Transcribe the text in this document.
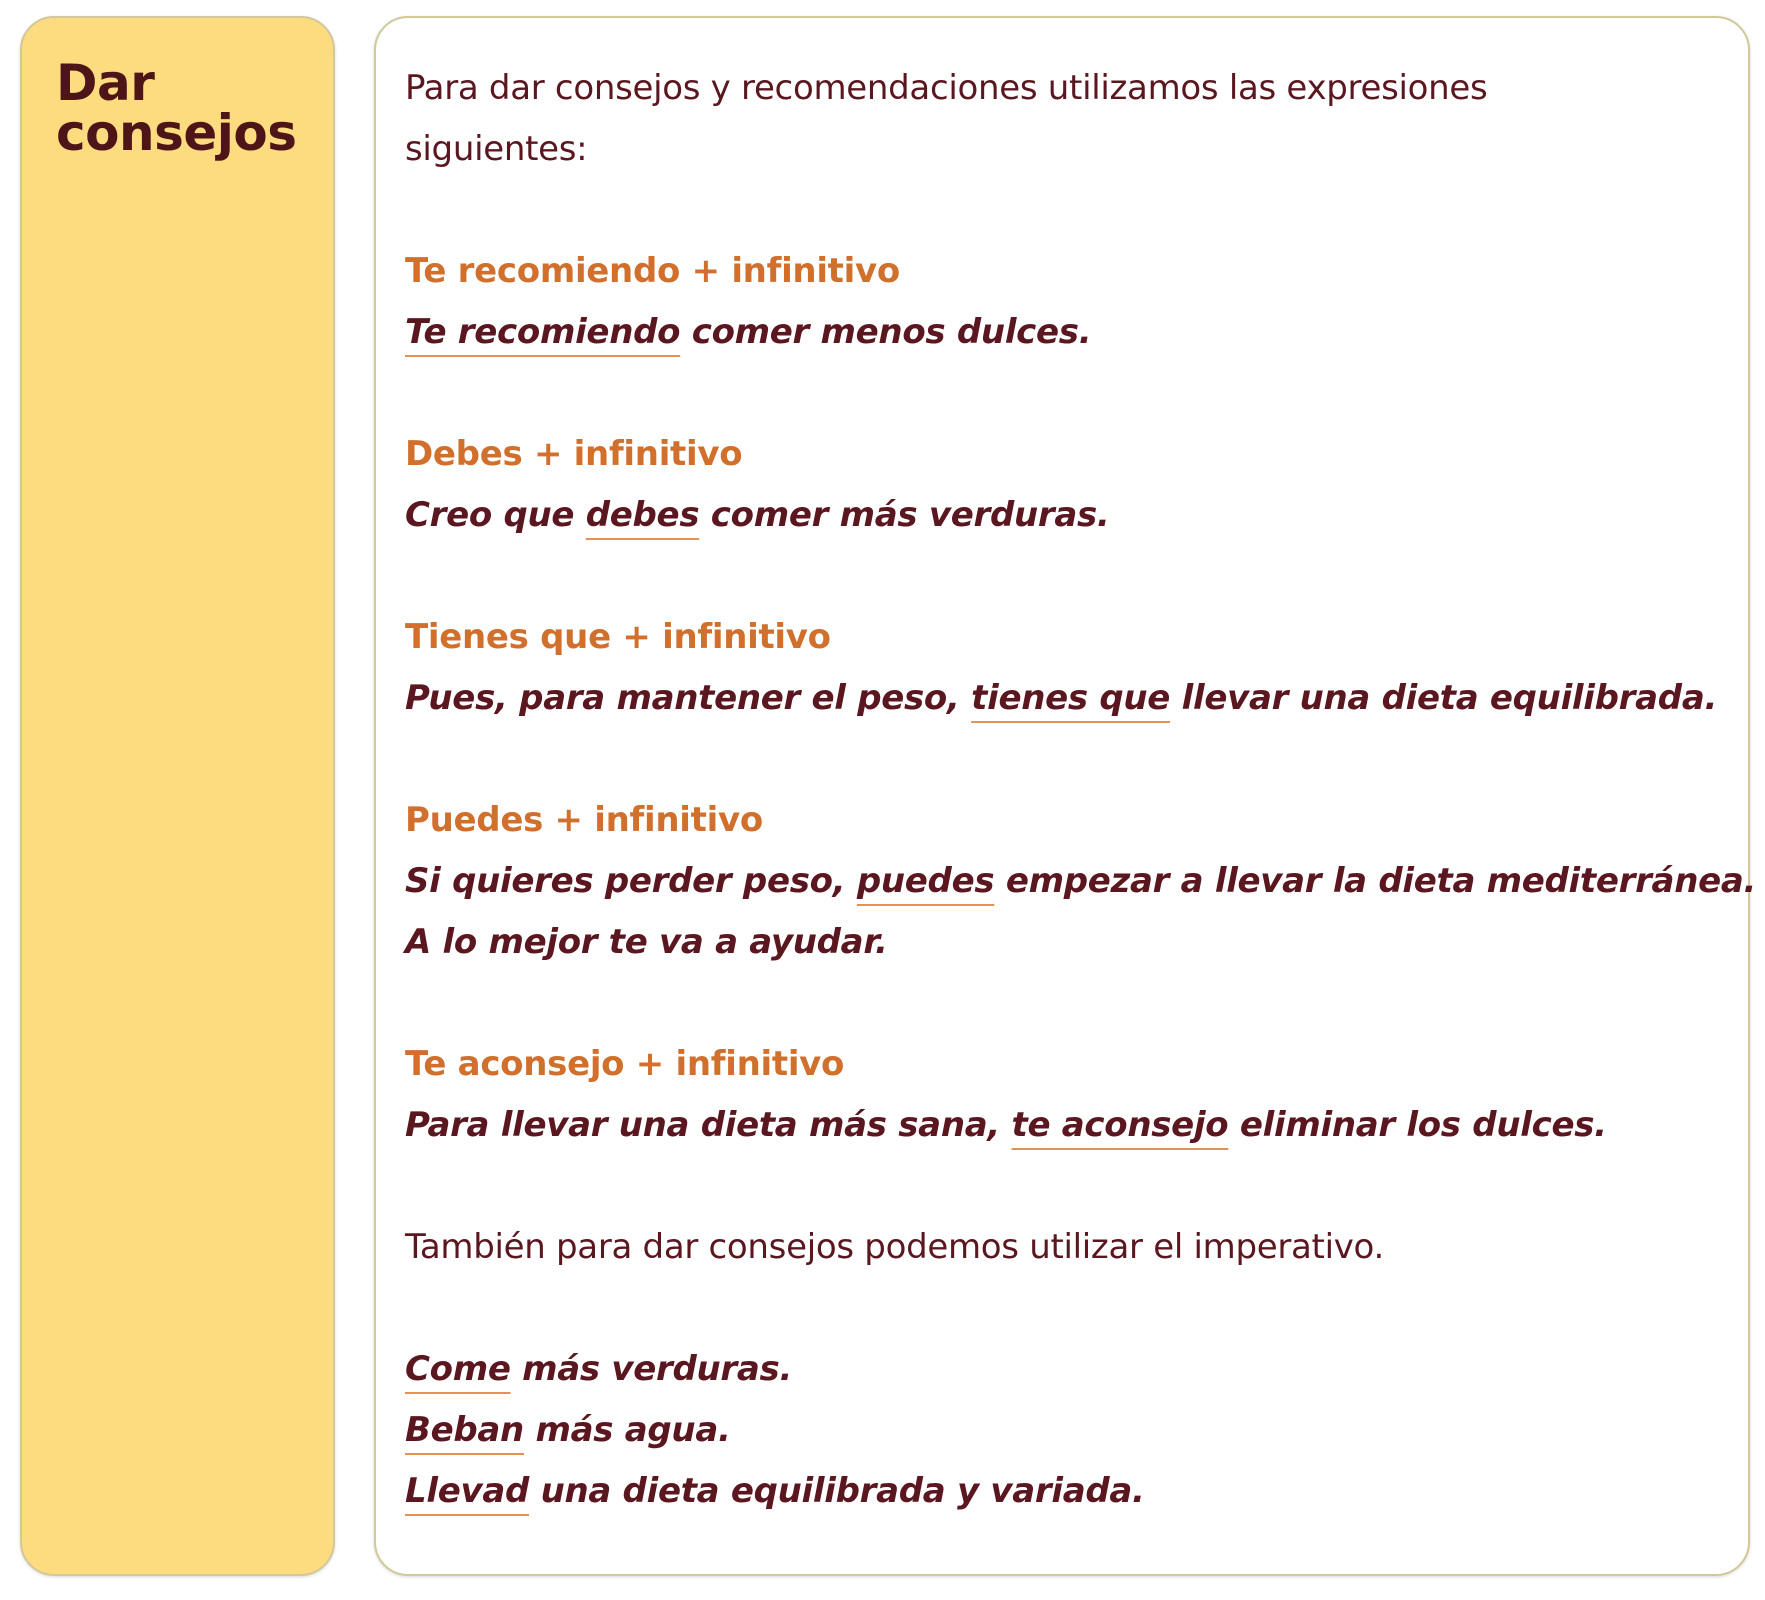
Dar
consejos
Para dar consejos y recomendaciones utilizamos las expresiones
siguientes:
Te recomiendo + infinitivo
Te recomiendo comer menos dulces.
Debes + infinitivo
Creo que debes comer más verduras.
Tienes que + infinitivo
Pues, para mantener el peso, tienes que llevar una dieta equilibrada.
Puedes + infinitivo
Si quieres perder peso, puedes empezar a llevar la dieta mediterránea.
A lo mejor te va a ayudar.
Te aconsejo + infinitivo
Para llevar una dieta más sana, te aconsejo eliminar los dulces.
También para dar consejos podemos utilizar el imperativo.
Come más verduras.
Beban más agua.
Llevad una dieta equilibrada y variada.
